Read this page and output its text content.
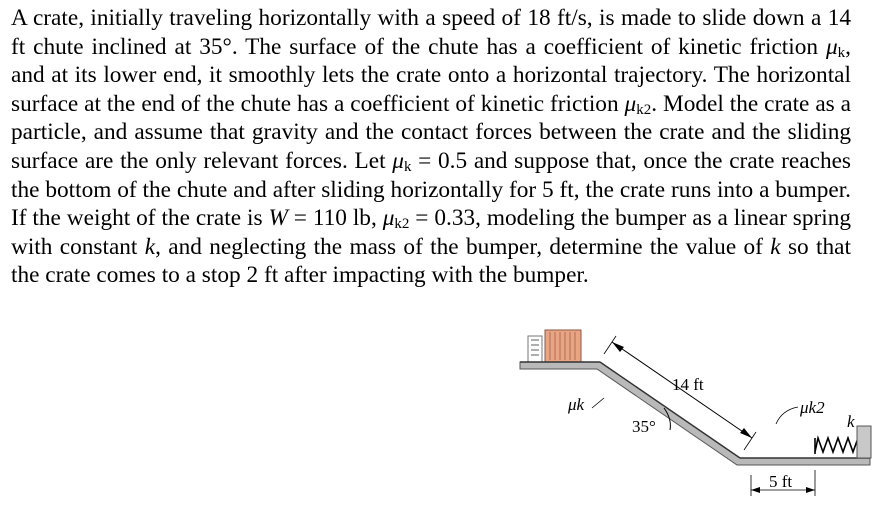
A crate, initially traveling horizontally with a speed of 18 ft/s, is made to slide down a 14 ft chute inclined at 35°. The surface of the chute has a coefficient of kinetic friction $\mu_k$, and at its lower end, it smoothly lets the crate onto a horizontal trajectory. The horizontal surface at the end of the chute has a coefficient of kinetic friction $\mu_{k2}$. Model the crate as a particle, and assume that gravity and the contact forces between the crate and the sliding surface are the only relevant forces. Let $\mu_k = 0.5$ and suppose that, once the crate reaches the bottom of the chute and after sliding horizontally for 5 ft, the crate runs into a bumper. If the weight of the crate is W = 110 lb, $\mu_{k2} = 0.33$, modeling the bumper as a linear spring with constant k, and neglecting the mass of the bumper, determine the value of k so that the crate comes to a stop 2 ft after impacting with the bumper.
14 ft
35°
μk	μk2
k
5 ft
